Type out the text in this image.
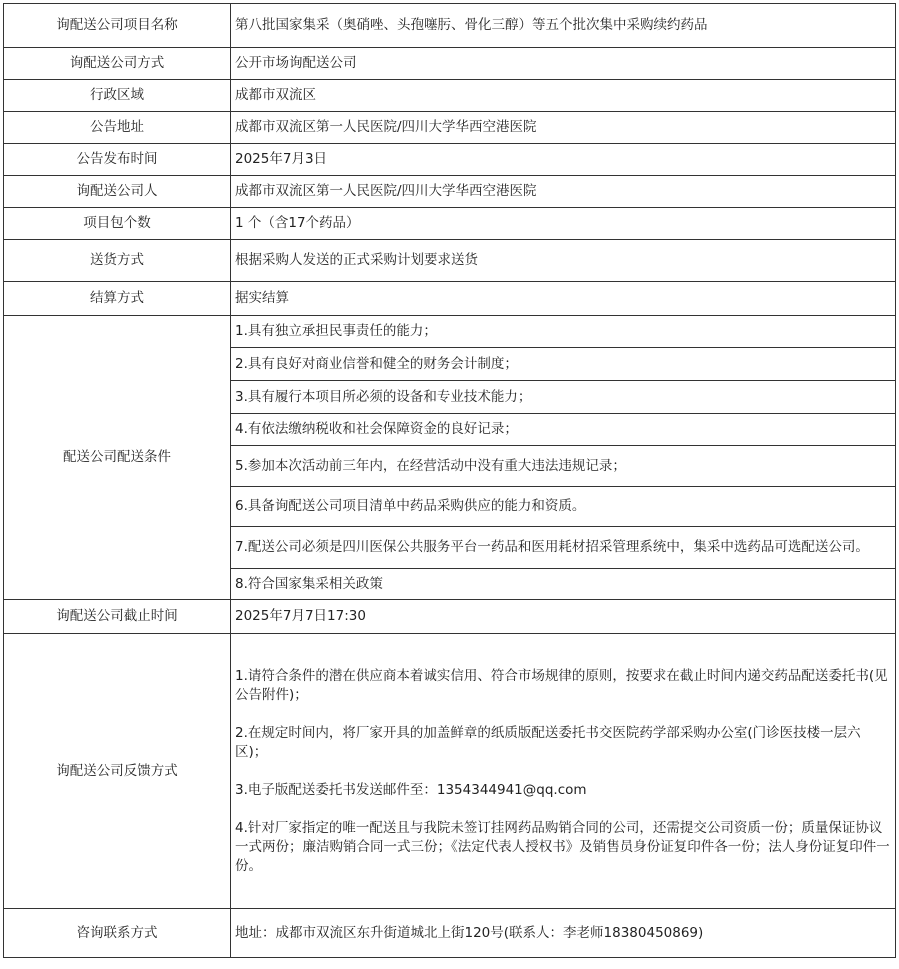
询配送公司项目名称	第八批国家集采（奥硝唑、头孢噻肟、骨化三醇）等五个批次集中采购续约药品
询配送公司方式	公开市场询配送公司
行政区域	成都市双流区
公告地址	成都市双流区第一人民医院/四川大学华西空港医院
公告发布时间	2025年7月3日
询配送公司人	成都市双流区第一人民医院/四川大学华西空港医院
项目包个数	1 个（含17个药品）
送货方式	根据采购人发送的正式采购计划要求送货
结算方式	据实结算
配送公司配送条件	1.具有独立承担民事责任的能力；
	2.具有良好对商业信誉和健全的财务会计制度；
	3.具有履行本项目所必须的设备和专业技术能力；
	4.有依法缴纳税收和社会保障资金的良好记录；
	5.参加本次活动前三年内，在经营活动中没有重大违法违规记录；
	6.具备询配送公司项目清单中药品采购供应的能力和资质。
	7.配送公司必须是四川医保公共服务平台一药品和医用耗材招采管理系统中，集采中选药品可选配送公司。
	8.符合国家集采相关政策
询配送公司截止时间	2025年7月7日17:30
询配送公司反馈方式	1.请符合条件的潜在供应商本着诚实信用、符合市场规律的原则，按要求在截止时间内递交药品配送委托书(见公告附件)；

2.在规定时间内，将厂家开具的加盖鲜章的纸质版配送委托书交医院药学部采购办公室(门诊医技楼一层六区)；

3.电子版配送委托书发送邮件至：1354344941@qq.com

4.针对厂家指定的唯一配送且与我院未签订挂网药品购销合同的公司，还需提交公司资质一份；质量保证协议一式两份；廉洁购销合同一式三份；《法定代表人授权书》及销售员身份证复印件各一份；法人身份证复印件一份。

咨询联系方式	地址：成都市双流区东升街道城北上街120号(联系人：李老师18380450869)
